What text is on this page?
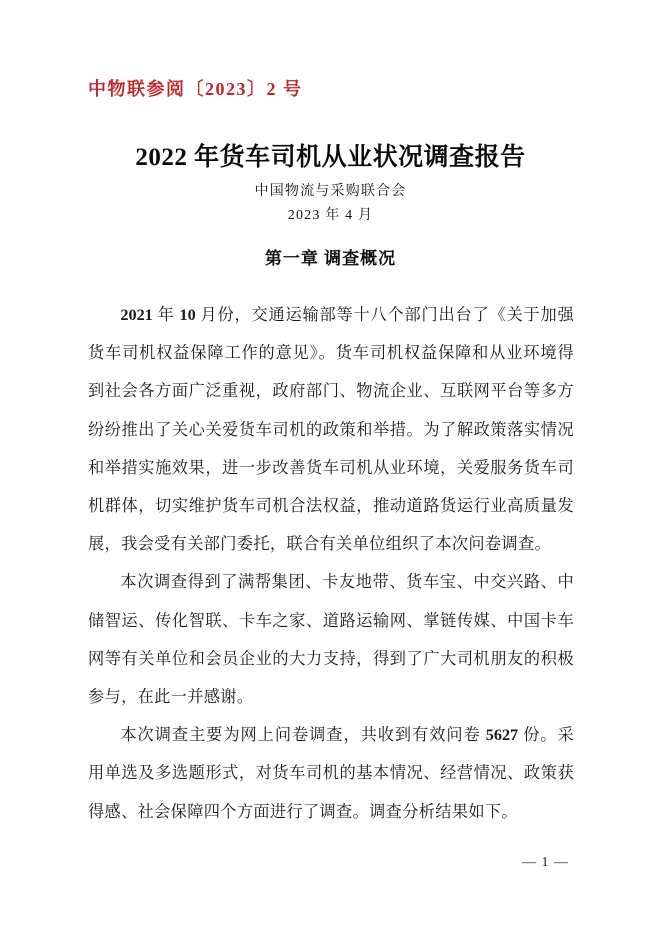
中物联参阅〔2023〕2 号
2022 年货车司机从业状况调查报告
中国物流与采购联合会
2023 年 4 月
第一章 调查概况

2021 年 10 月份，交通运输部等十八个部门出台了《关于加强货车司机权益保障工作的意见》。货车司机权益保障和从业环境得到社会各方面广泛重视，政府部门、物流企业、互联网平台等多方纷纷推出了关心关爱货车司机的政策和举措。为了解政策落实情况和举措实施效果，进一步改善货车司机从业环境，关爱服务货车司机群体，切实维护货车司机合法权益，推动道路货运行业高质量发展，我会受有关部门委托，联合有关单位组织了本次问卷调查。

本次调查得到了满帮集团、卡友地带、货车宝、中交兴路、中储智运、传化智联、卡车之家、道路运输网、掌链传媒、中国卡车网等有关单位和会员企业的大力支持，得到了广大司机朋友的积极参与，在此一并感谢。

本次调查主要为网上问卷调查，共收到有效问卷 5627 份。采用单选及多选题形式，对货车司机的基本情况、经营情况、政策获得感、社会保障四个方面进行了调查。调查分析结果如下。

— 1 —
